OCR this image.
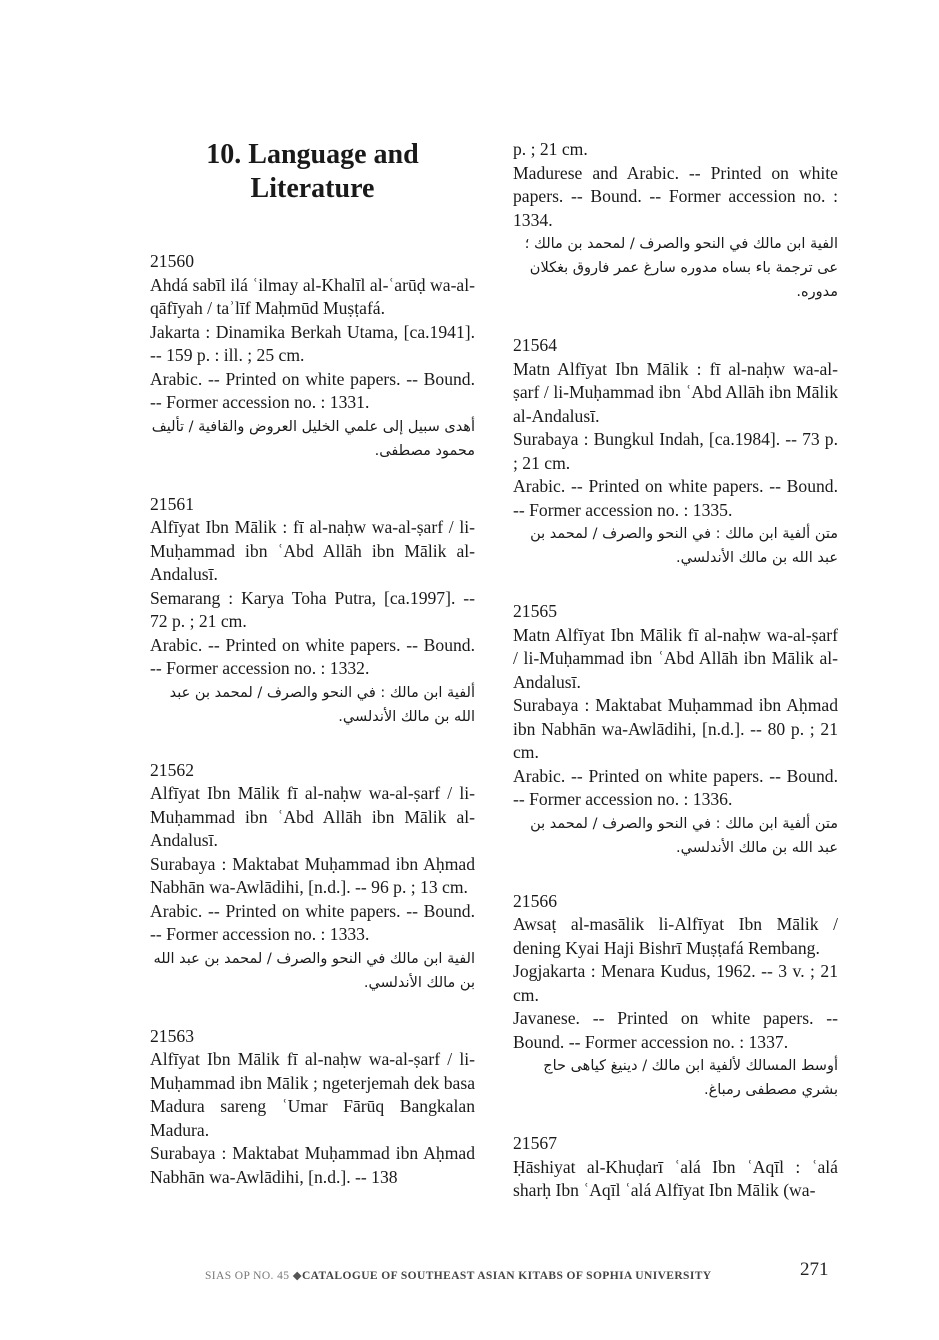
10. Language and
Literature

21560

Ahdá sabīl ilá ʿilmay al-Khalīl al-ʿarūḍ wa-al-qāfīyah / taʾlīf Maḥmūd Muṣṭafá.

Jakarta : Dinamika Berkah Utama, [ca.1941]. -- 159 p. : ill. ; 25 cm.

Arabic. -- Printed on white papers. -- Bound. -- Former accession no. : 1331.

أهدى سبيل إلى علمي الخليل العروض والقافية / تأليف محمود مصطفى.

21561

Alfīyat Ibn Mālik : fī al-naḥw wa-al-ṣarf / li-Muḥammad ibn ʿAbd Allāh ibn Mālik al-Andalusī.

Semarang : Karya Toha Putra, [ca.1997]. -- 72 p. ; 21 cm.

Arabic. -- Printed on white papers. -- Bound. -- Former accession no. : 1332.

ألفية ابن مالك : في النحو والصرف / لمحمد بن عبد الله بن مالك الأندلسي.

21562

Alfīyat Ibn Mālik fī al-naḥw wa-al-ṣarf / li-Muḥammad ibn ʿAbd Allāh ibn Mālik al-Andalusī.

Surabaya : Maktabat Muḥammad ibn Aḥmad Nabhān wa-Awlādihi, [n.d.]. -- 96 p. ; 13 cm.

Arabic. -- Printed on white papers. -- Bound. -- Former accession no. : 1333.

الفية ابن مالك في النحو والصرف / لمحمد بن عبد الله بن مالك الأندلسي.

21563

Alfīyat Ibn Mālik fī al-naḥw wa-al-ṣarf / li-Muḥammad ibn Mālik ; ngeterjemah dek basa Madura sareng ʿUmar Fārūq Bangkalan Madura.

Surabaya : Maktabat Muḥammad ibn Aḥmad Nabhān wa-Awlādihi, [n.d.]. -- 138

p. ; 21 cm.

Madurese and Arabic. -- Printed on white papers. -- Bound. -- Former accession no. : 1334.

الفية ابن مالك في النحو والصرف / لمحمد بن مالك ؛ عى ترجمة باء بساه مدوره سارغ عمر فاروق بغكلان مدوره.

21564

Matn Alfīyat Ibn Mālik : fī al-naḥw wa-al-ṣarf / li-Muḥammad ibn ʿAbd Allāh ibn Mālik al-Andalusī.

Surabaya : Bungkul Indah, [ca.1984]. -- 73 p. ; 21 cm.

Arabic. -- Printed on white papers. -- Bound. -- Former accession no. : 1335.

متن ألفية ابن مالك : في النحو والصرف / لمحمد بن عبد الله بن مالك الأندلسي.

21565

Matn Alfīyat Ibn Mālik fī al-naḥw wa-al-ṣarf / li-Muḥammad ibn ʿAbd Allāh ibn Mālik al-Andalusī.

Surabaya : Maktabat Muḥammad ibn Aḥmad ibn Nabhān wa-Awlādihi, [n.d.]. -- 80 p. ; 21 cm.

Arabic. -- Printed on white papers. -- Bound. -- Former accession no. : 1336.

متن ألفية ابن مالك : في النحو والصرف / لمحمد بن عبد الله بن مالك الأندلسي.

21566

Awsaṭ al-masālik li-Alfīyat Ibn Mālik / dening Kyai Haji Bishrī Muṣṭafá Rembang.

Jogjakarta : Menara Kudus, 1962. -- 3 v. ; 21 cm.

Javanese. -- Printed on white papers. -- Bound. -- Former accession no. : 1337.

أوسط المسالك لألفية ابن مالك / دينيغ كياهى حاج بشري مصطفى رمباغ.

21567

Ḥāshiyat al-Khuḍarī ʿalá Ibn ʿAqīl : ʿalá sharḥ Ibn ʿAqīl ʿalá Alfīyat Ibn Mālik (wa-

SIAS OP NO. 45 ◆CATALOGUE OF SOUTHEAST ASIAN KITABS OF SOPHIA UNIVERSITY	271
